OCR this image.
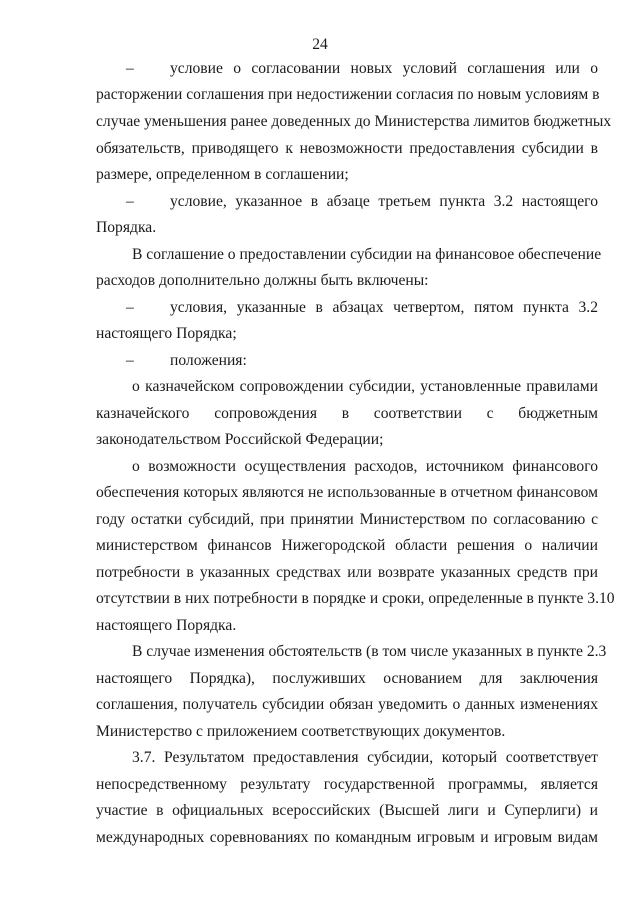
24
– условие о согласовании новых условий соглашения или о
расторжении соглашения при недостижении согласия по новым условиям в
случае уменьшения ранее доведенных до Министерства лимитов бюджетных
обязательств, приводящего к невозможности предоставления субсидии в
размере, определенном в соглашении;
– условие, указанное в абзаце третьем пункта 3.2 настоящего
Порядка.
В соглашение о предоставлении субсидии на финансовое обеспечение
расходов дополнительно должны быть включены:
– условия, указанные в абзацах четвертом, пятом пункта 3.2
настоящего Порядка;
– положения:
о казначейском сопровождении субсидии, установленные правилами
казначейского сопровождения в соответствии с бюджетным
законодательством Российской Федерации;
о возможности осуществления расходов, источником финансового
обеспечения которых являются не использованные в отчетном финансовом
году остатки субсидий, при принятии Министерством по согласованию с
министерством финансов Нижегородской области решения о наличии
потребности в указанных средствах или возврате указанных средств при
отсутствии в них потребности в порядке и сроки, определенные в пункте 3.10
настоящего Порядка.
В случае изменения обстоятельств (в том числе указанных в пункте 2.3
настоящего Порядка), послуживших основанием для заключения
соглашения, получатель субсидии обязан уведомить о данных изменениях
Министерство с приложением соответствующих документов.
3.7. Результатом предоставления субсидии, который соответствует
непосредственному результату государственной программы, является
участие в официальных всероссийских (Высшей лиги и Суперлиги) и
международных соревнованиях по командным игровым и игровым видам
